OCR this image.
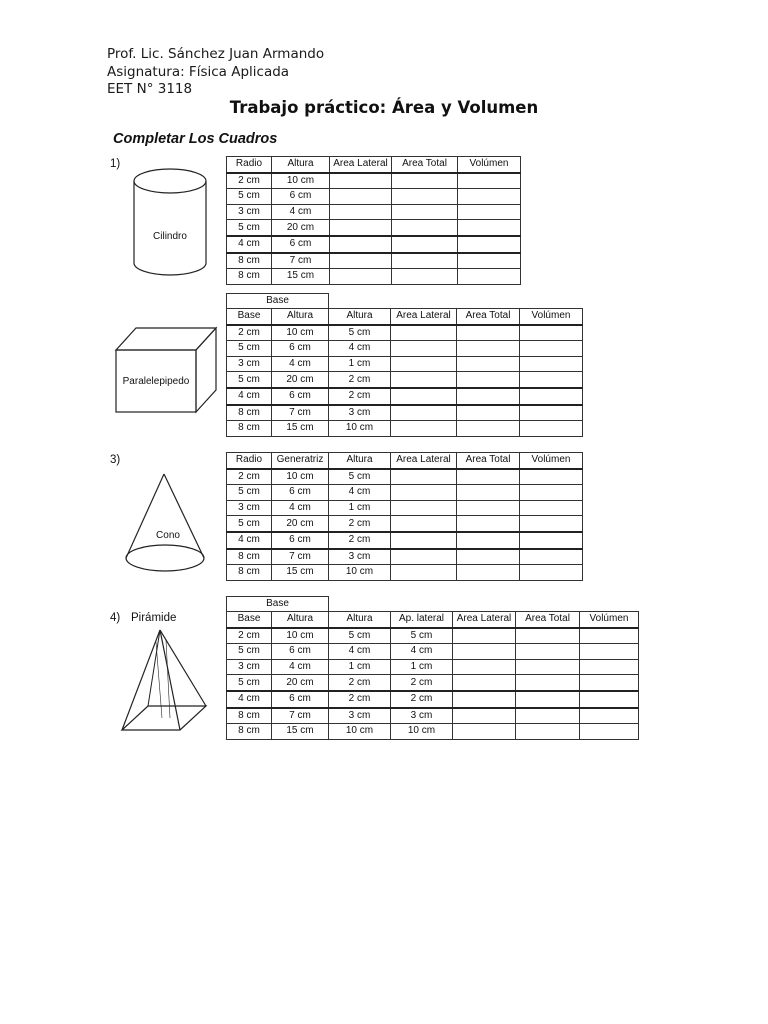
Prof. Lic. Sánchez Juan Armando
Asignatura: Física Aplicada
EET N° 3118
Trabajo práctico: Área y Volumen
Completar Los Cuadros
1)
Cilindro
Radio	Altura	Area Lateral	Area Total	Volúmen
2 cm	10 cm			
5 cm	6 cm			
3 cm	4 cm			
5 cm	20 cm			
4 cm	6 cm			
8 cm	7 cm			
8 cm	15 cm			
Paralelepipedo
Base
Base	Altura	Altura	Area Lateral	Area Total	Volúmen
2 cm	10 cm	5 cm			
5 cm	6 cm	4 cm			
3 cm	4 cm	1 cm			
5 cm	20 cm	2 cm			
4 cm	6 cm	2 cm			
8 cm	7 cm	3 cm			
8 cm	15 cm	10 cm			
3)
Cono
Radio	Generatriz	Altura	Area Lateral	Area Total	Volúmen
2 cm	10 cm	5 cm			
5 cm	6 cm	4 cm			
3 cm	4 cm	1 cm			
5 cm	20 cm	2 cm			
4 cm	6 cm	2 cm			
8 cm	7 cm	3 cm			
8 cm	15 cm	10 cm			
4) Pirámide
Base
Base	Altura	Altura	Ap. lateral	Area Lateral	Area Total	Volúmen
2 cm	10 cm	5 cm	5 cm			
5 cm	6 cm	4 cm	4 cm			
3 cm	4 cm	1 cm	1 cm			
5 cm	20 cm	2 cm	2 cm			
4 cm	6 cm	2 cm	2 cm			
8 cm	7 cm	3 cm	3 cm			
8 cm	15 cm	10 cm	10 cm			
